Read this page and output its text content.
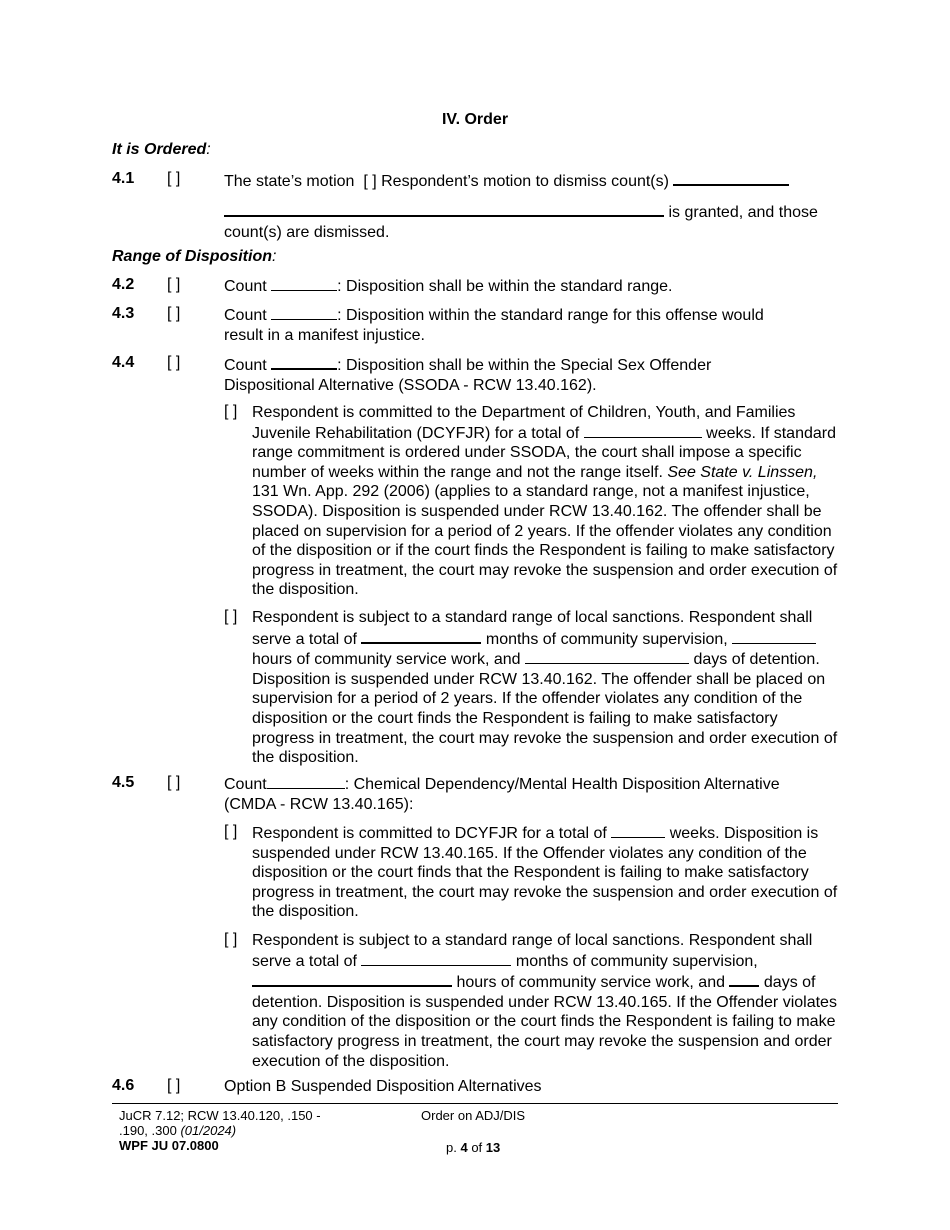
IV. Order
It is Ordered:
4.1 [ ]	The state’s motion [ ] Respondent’s motion to dismiss count(s)
is granted, and those
count(s) are dismissed.
Range of Disposition:
4.2 [ ]	Count	: Disposition shall be within the standard range.
4.3 [ ]	Count	: Disposition within the standard range for this offense would
result in a manifest injustice.
4.4 [ ]	Count	: Disposition shall be within the Special Sex Offender
Dispositional Alternative (SSODA - RCW 13.40.162).
[ ] Respondent is committed to the Department of Children, Youth, and Families Juvenile Rehabilitation (DCYFJR) for a total of	weeks. If standard range commitment is ordered under SSODA, the court shall impose a specific number of weeks within the range and not the range itself. See State v. Linssen, 131 Wn. App. 292 (2006) (applies to a standard range, not a manifest injustice, SSODA). Disposition is suspended under RCW 13.40.162. The offender shall be placed on supervision for a period of 2 years. If the offender violates any condition of the disposition or if the court finds the Respondent is failing to make satisfactory progress in treatment, the court may revoke the suspension and order execution of the disposition.
[ ] Respondent is subject to a standard range of local sanctions. Respondent shall serve a total of	months of community supervision,  hours of community service work, and	days of detention. Disposition is suspended under RCW 13.40.162. The offender shall be placed on supervision for a period of 2 years. If the offender violates any condition of the disposition or the court finds the Respondent is failing to make satisfactory progress in treatment, the court may revoke the suspension and order execution of the disposition.
4.5 [ ]	Count	: Chemical Dependency/Mental Health Disposition Alternative
(CMDA - RCW 13.40.165):
[ ] Respondent is committed to DCYFJR for a total of	weeks. Disposition is suspended under RCW 13.40.165. If the Offender violates any condition of the disposition or the court finds that the Respondent is failing to make satisfactory progress in treatment, the court may revoke the suspension and order execution of the disposition.
[ ] Respondent is subject to a standard range of local sanctions. Respondent shall serve a total of	months of community supervision,  hours of community service work, and days of detention. Disposition is suspended under RCW 13.40.165. If the Offender violates any condition of the disposition or the court finds the Respondent is failing to make satisfactory progress in treatment, the court may revoke the suspension and order execution of the disposition.
4.6 [ ]	Option B Suspended Disposition Alternatives
JuCR 7.12; RCW 13.40.120, .150 -
.190, .300 (01/2024)
WPF JU 07.0800
Order on ADJ/DIS
p. 4 of 13
